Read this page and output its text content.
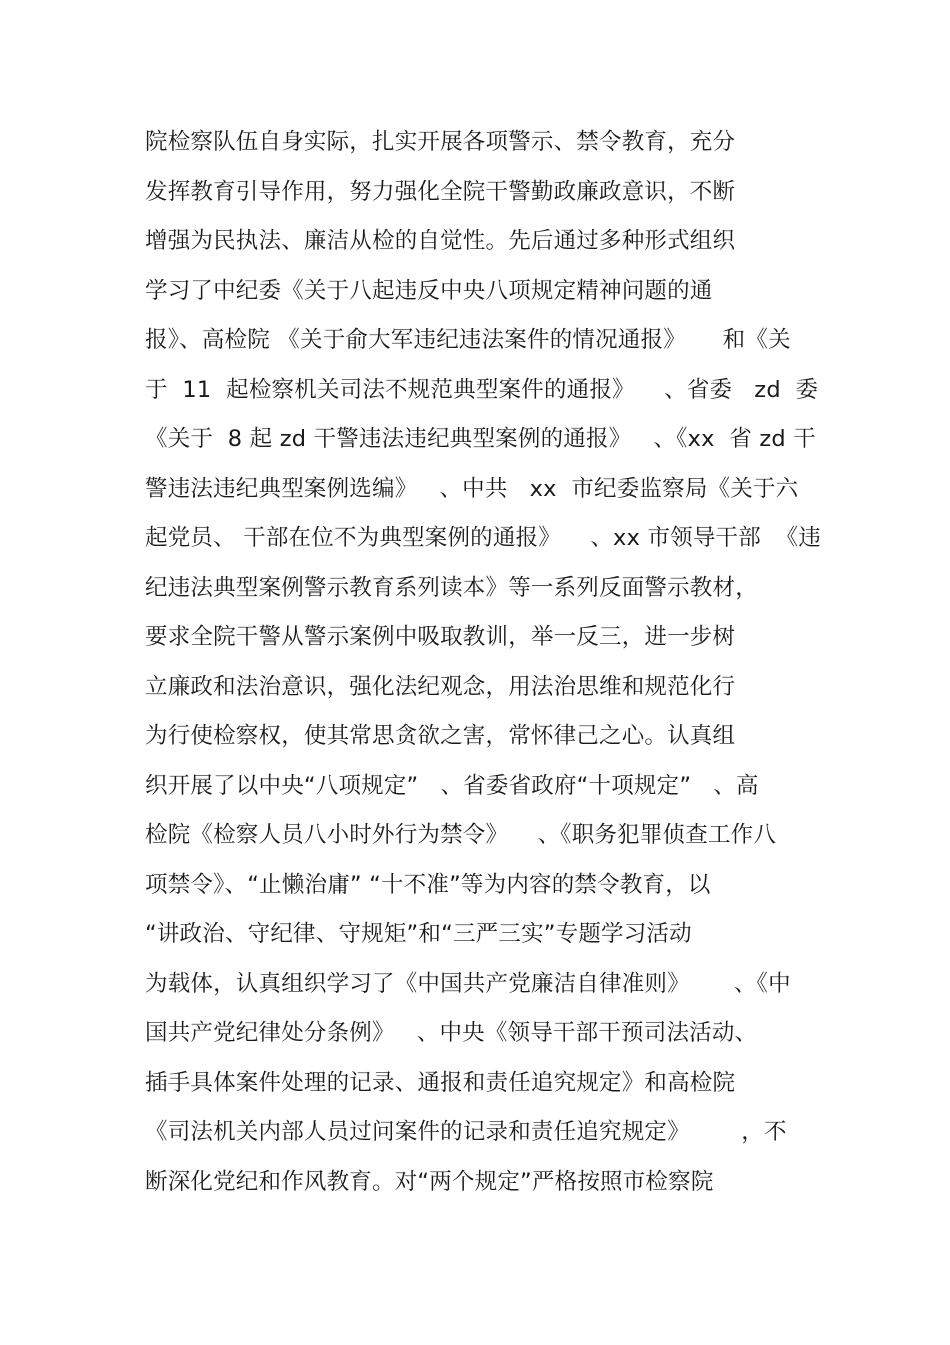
院检察队伍自身实际，扎实开展各项警示、禁令教育，充分
发挥教育引导作用，努力强化全院干警勤政廉政意识，不断
增强为民执法、廉洁从检的自觉性。先后通过多种形式组织
学习了中纪委《关于八起违反中央八项规定精神问题的通
报》、高检院 《关于俞大军违纪违法案件的情况通报》     和《关
于  11  起检察机关司法不规范典型案件的通报》    、省委   zd  委
《关于  8 起 zd 干警违法违纪典型案例的通报》   、《xx  省 zd 干
警违法违纪典型案例选编》   、中共   xx  市纪委监察局《关于六
起党员、 干部在位不为典型案例的通报》    、xx 市领导干部  《违
纪违法典型案例警示教育系列读本》等一系列反面警示教材，
要求全院干警从警示案例中吸取教训，举一反三，进一步树
立廉政和法治意识，强化法纪观念，用法治思维和规范化行
为行使检察权，使其常思贪欲之害，常怀律己之心。认真组
织开展了以中央“八项规定”   、省委省政府“十项规定”   、高
检院《检察人员八小时外行为禁令》    、《职务犯罪侦查工作八
项禁令》、“止懒治庸” “十不准”等为内容的禁令教育，以
“讲政治、守纪律、守规矩”和“三严三实”专题学习活动
为载体，认真组织学习了《中国共产党廉洁自律准则》      、《中
国共产党纪律处分条例》   、中央《领导干部干预司法活动、
插手具体案件处理的记录、通报和责任追究规定》和高检院
《司法机关内部人员过问案件的记录和责任追究规定》       ，不
断深化党纪和作风教育。对“两个规定”严格按照市检察院
